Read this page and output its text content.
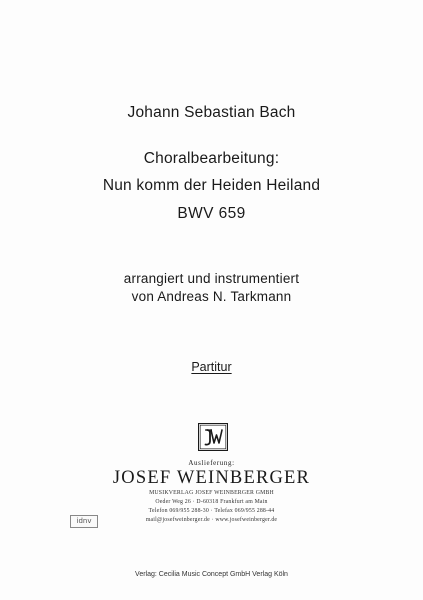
Johann Sebastian Bach
Choralbearbeitung:
Nun komm der Heiden Heiland
BWV 659
arrangiert und instrumentiert
von Andreas N. Tarkmann
Partitur
Auslieferung:
JOSEF WEINBERGER
MUSIKVERLAG JOSEF WEINBERGER GMBH
Oeder Weg 26 · D-60318 Frankfurt am Main
Telefon 069/955 288-30 · Telefax 069/955 288-44
mail@josefweinberger.de · www.josefweinberger.de
idnv
Verlag: Cecilia Music Concept GmbH Verlag Köln
